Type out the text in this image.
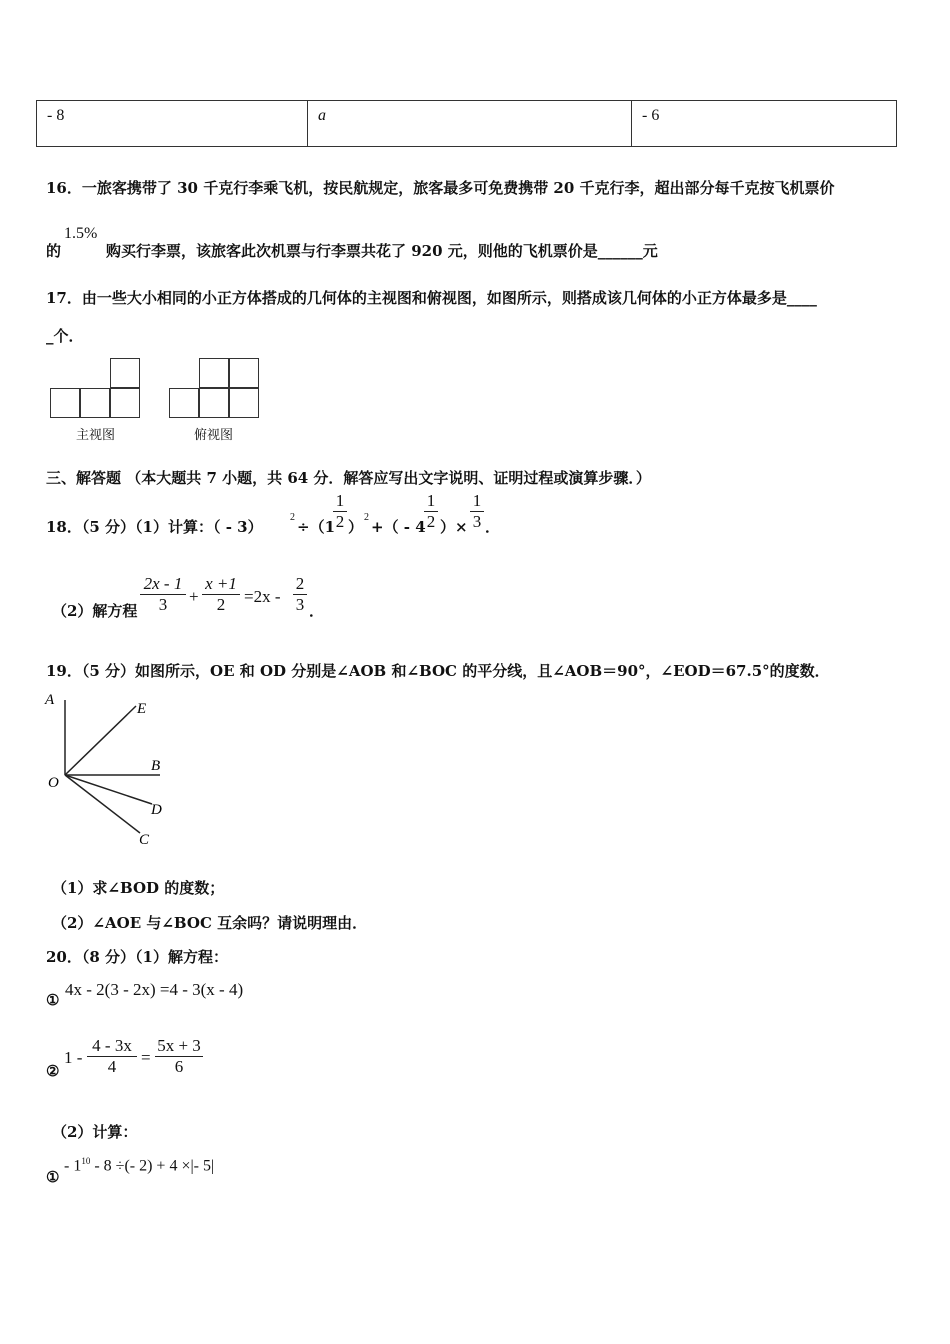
- 8	a	- 6
16．一旅客携带了 30 千克行李乘飞机，按民航规定，旅客最多可免费携带 20 千克行李，超出部分每千克按飞机票价
的
1.5%
购买行李票，该旅客此次机票与行李票共花了 920 元，则他的飞机票价是______元
17．由一些大小相同的小正方体搭成的几何体的主视图和俯视图，如图所示，则搭成该几何体的小正方体最多是____
_个．
主视图	俯视图
三、解答题 （本大题共 7 小题，共 64 分．解答应写出文字说明、证明过程或演算步骤．）
18．（5 分）（1）计算：（ - 3）
2
÷（1
1
2 ）
2
+（ - 4
1
2 ）×
1
3 ．
（2）解方程
2x - 1
3	+
x +1
2	=2x -
2
3 ．
19．（5 分）如图所示，OE 和 OD 分别是∠AOB 和∠BOC 的平分线，且∠AOB＝90°，∠EOD＝67.5°的度数．
A
E
B
O
D
C
（1）求∠BOD 的度数；
（2）∠AOE 与∠BOC 互余吗？请说明理由．
20．（8 分）（1）解方程：
①
4x - 2(3 - 2x) =4 - 3(x - 4)
②
1 -
4 - 3x
4	=
5x + 3
6
（2）计算：
①
- $1^{10} - 8$ ÷(- 2) + 4 ×|- 5|
